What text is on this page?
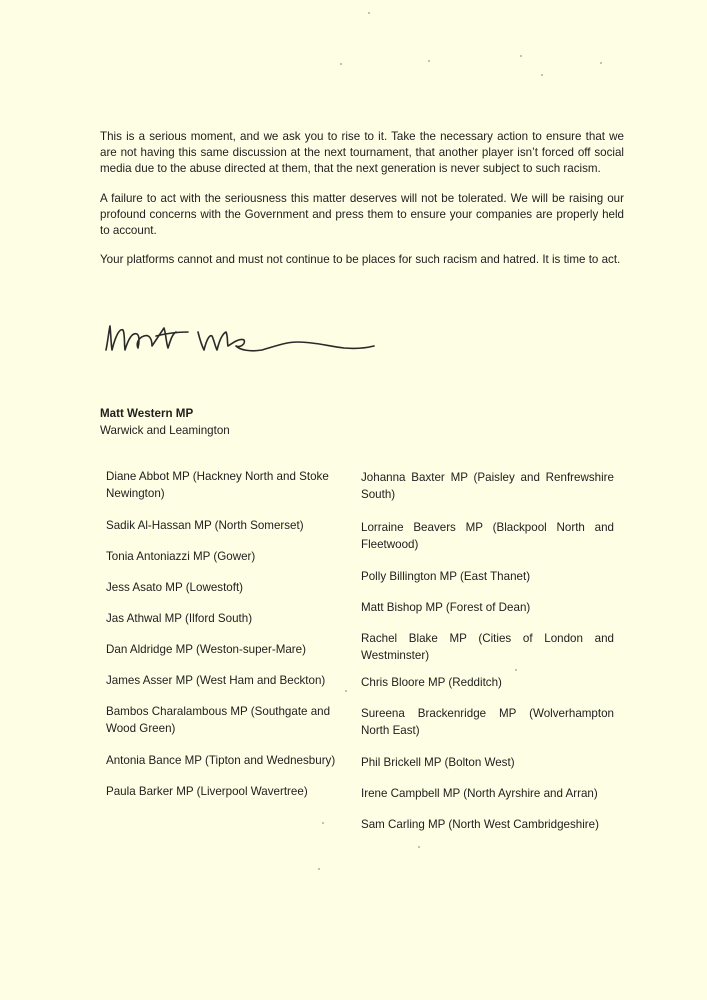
This is a serious moment, and we ask you to rise to it. Take the necessary action to ensure that we are not having this same discussion at the next tournament, that another player isn’t forced off social media due to the abuse directed at them, that the next generation is never subject to such racism.

A failure to act with the seriousness this matter deserves will not be tolerated. We will be raising our profound concerns with the Government and press them to ensure your companies are properly held to account.

Your platforms cannot and must not continue to be places for such racism and hatred. It is time to act.

Matt Western MP
Warwick and Leamington
Diane Abbot MP (Hackney North and Stoke Newington)
Sadik Al-Hassan MP (North Somerset)
Tonia Antoniazzi MP (Gower)
Jess Asato MP (Lowestoft)
Jas Athwal MP (Ilford South)
Dan Aldridge MP (Weston-super-Mare)
James Asser MP (West Ham and Beckton)
Bambos Charalambous MP (Southgate and Wood Green)
Antonia Bance MP (Tipton and Wednesbury)
Paula Barker MP (Liverpool Wavertree)
Johanna Baxter MP (Paisley and Renfrewshire South)
Lorraine Beavers MP (Blackpool North and Fleetwood)
Polly Billington MP (East Thanet)
Matt Bishop MP (Forest of Dean)
Rachel Blake MP (Cities of London and Westminster)
Chris Bloore MP (Redditch)
Sureena Brackenridge MP (Wolverhampton North East)
Phil Brickell MP (Bolton West)
Irene Campbell MP (North Ayrshire and Arran)
Sam Carling MP (North West Cambridgeshire)
